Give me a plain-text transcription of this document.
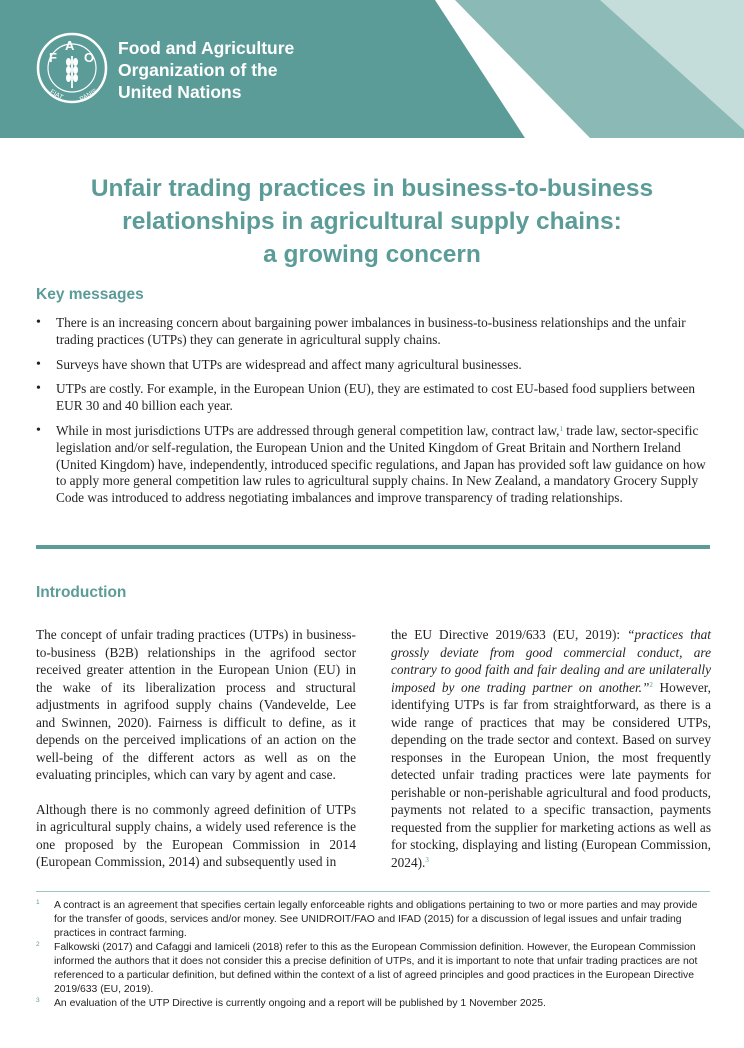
F
A
O
FIAT PANIS
Food and Agriculture
Organization of the
United Nations
Unfair trading practices in business-to-business
relationships in agricultural supply chains:
a growing concern
Key messages
• There is an increasing concern about bargaining power imbalances in business-to-business relationships and the unfair trading practices (UTPs) they can generate in agricultural supply chains.
• Surveys have shown that UTPs are widespread and affect many agricultural businesses.
• UTPs are costly. For example, in the European Union (EU), they are estimated to cost EU-based food suppliers between EUR 30 and 40 billion each year.
• While in most jurisdictions UTPs are addressed through general competition law, contract law,$^1$ trade law, sector-specific legislation and/or self-regulation, the European Union and the United Kingdom of Great Britain and Northern Ireland (United Kingdom) have, independently, introduced specific regulations, and Japan has provided soft law guidance on how to apply more general competition law rules to agricultural supply chains. In New Zealand, a mandatory Grocery Supply Code was introduced to address negotiating imbalances and improve transparency of trading relationships.
Introduction

The concept of unfair trading practices (UTPs) in business-to-business (B2B) relationships in the agrifood sector received greater attention in the European Union (EU) in the wake of its liberalization process and structural adjustments in agrifood supply chains (Vandevelde, Lee and Swinnen, 2020). Fairness is difficult to define, as it depends on the perceived implications of an action on the well-being of the different actors as well as on the evaluating principles, which can vary by agent and case.

Although there is no commonly agreed definition of UTPs in agricultural supply chains, a widely used reference is the one proposed by the European Commission in 2014 (European Commission, 2014) and subsequently used in

the EU Directive 2019/633 (EU, 2019): “practices that grossly deviate from good commercial conduct, are contrary to good faith and fair dealing and are unilaterally imposed by one trading partner on another.”$^2$ However, identifying UTPs is far from straightforward, as there is a wide range of practices that may be considered UTPs, depending on the trade sector and context. Based on survey responses in the European Union, the most frequently detected unfair trading practices were late payments for perishable or non-perishable agricultural and food products, payments not related to a specific transaction, payments requested from the supplier for marketing actions as well as for stocking, displaying and listing (European Commission, 2024).$^3$

1 A contract is an agreement that specifies certain legally enforceable rights and obligations pertaining to two or more parties and may provide for the transfer of goods, services and/or money. See UNIDROIT/FAO and IFAD (2015) for a discussion of legal issues and unfair trading practices in contract farming.
2 Falkowski (2017) and Cafaggi and Iamiceli (2018) refer to this as the European Commission definition. However, the European Commission informed the authors that it does not consider this a precise definition of UTPs, and it is important to note that unfair trading practices are not referenced to a particular definition, but defined within the context of a list of agreed principles and good practices in the European Directive 2019/633 (EU, 2019).
3 An evaluation of the UTP Directive is currently ongoing and a report will be published by 1 November 2025.
